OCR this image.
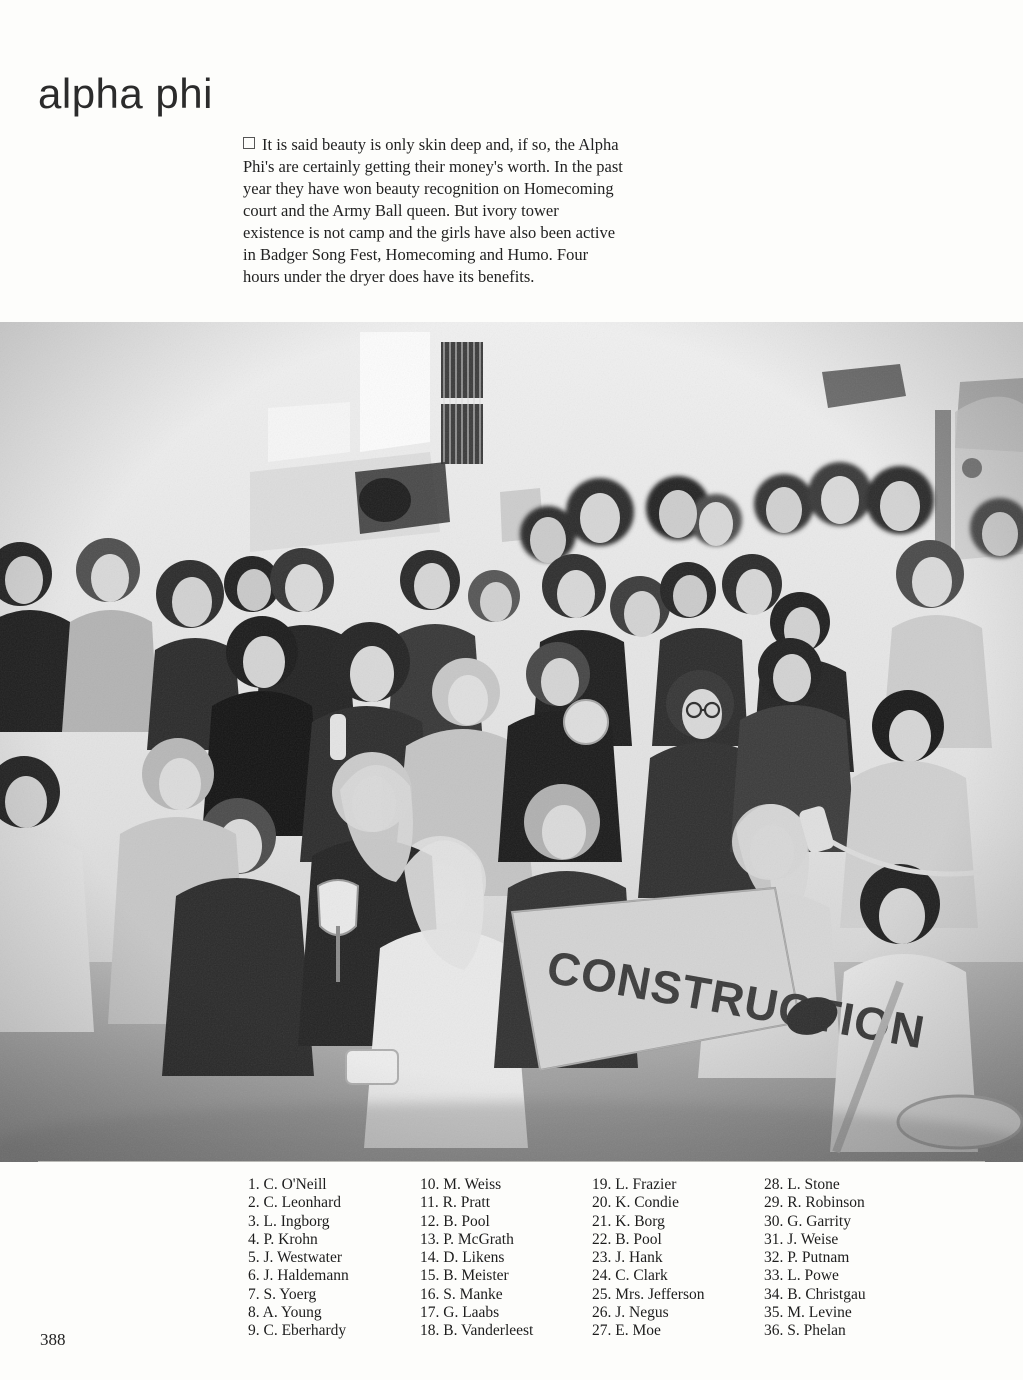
alpha phi
It is said beauty is only skin deep and, if so, the Alpha Phi's are certainly getting their money's worth. In the past year they have won beauty recognition on Homecoming court and the Army Ball queen. But ivory tower existence is not camp and the girls have also been active in Badger Song Fest, Homecoming and Humo. Four hours under the dryer does have its benefits.
1. C. O'Neill
2. C. Leonhard
3. L. Ingborg
4. P. Krohn
5. J. Westwater
6. J. Haldemann
7. S. Yoerg
8. A. Young
9. C. Eberhardy
10. M. Weiss
11. R. Pratt
12. B. Pool
13. P. McGrath
14. D. Likens
15. B. Meister
16. S. Manke
17. G. Laabs
18. B. Vanderleest
19. L. Frazier
20. K. Condie
21. K. Borg
22. B. Pool
23. J. Hank
24. C. Clark
25. Mrs. Jefferson
26. J. Negus
27. E. Moe
28. L. Stone
29. R. Robinson
30. G. Garrity
31. J. Weise
32. P. Putnam
33. L. Powe
34. B. Christgau
35. M. Levine
36. S. Phelan
388
